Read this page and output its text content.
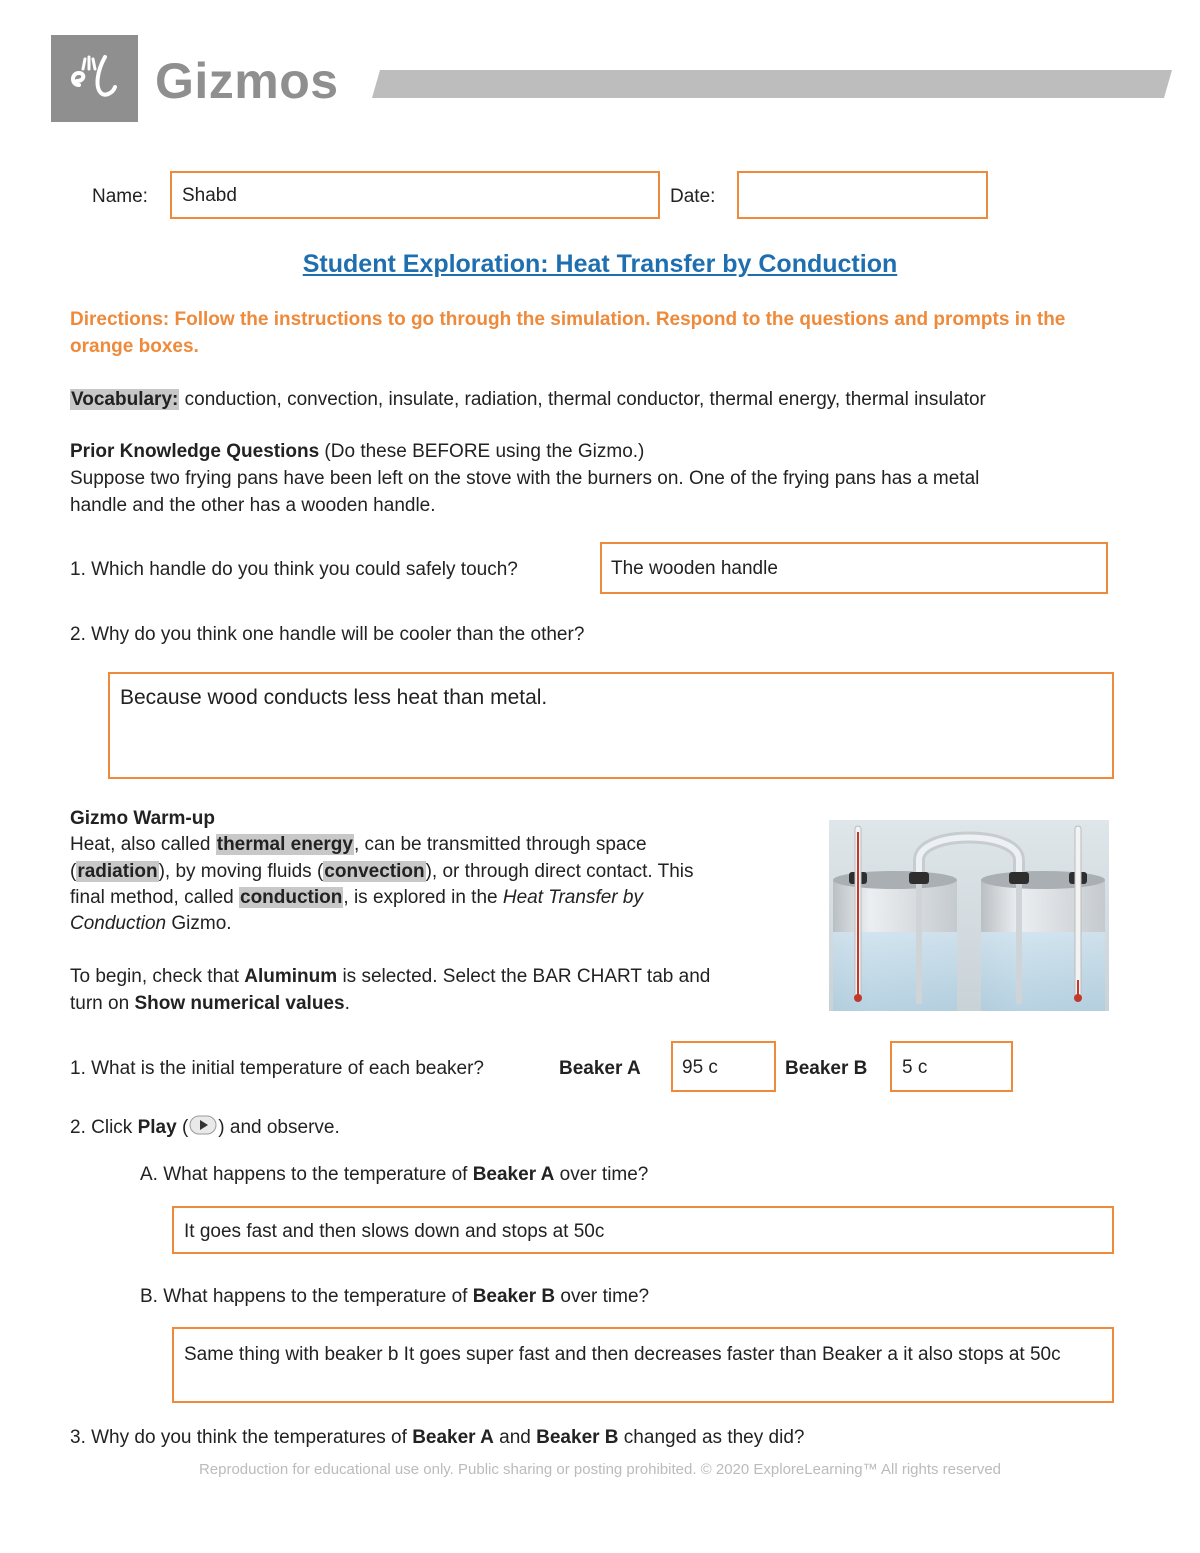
Gizmos
Name: Shabd	Date:
Student Exploration: Heat Transfer by Conduction
Directions: Follow the instructions to go through the simulation. Respond to the questions and prompts in the orange boxes.
Vocabulary: conduction, convection, insulate, radiation, thermal conductor, thermal energy, thermal insulator
Prior Knowledge Questions (Do these BEFORE using the Gizmo.)
Suppose two frying pans have been left on the stove with the burners on. One of the frying pans has a metal
handle and the other has a wooden handle.
1. Which handle do you think you could safely touch?	The wooden handle
2. Why do you think one handle will be cooler than the other?
Because wood conducts less heat than metal.
Gizmo Warm-up
Heat, also called thermal energy, can be transmitted through space
(radiation), by moving fluids (convection), or through direct contact. This
final method, called conduction, is explored in the Heat Transfer by
Conduction Gizmo.
To begin, check that Aluminum is selected. Select the BAR CHART tab and
turn on Show numerical values.
1. What is the initial temperature of each beaker?	Beaker A 95 c	Beaker B 5 c
2. Click Play ( ) and observe.
A. What happens to the temperature of Beaker A over time?
It goes fast and then slows down and stops at 50c
B. What happens to the temperature of Beaker B over time?
Same thing with beaker b It goes super fast and then decreases faster than Beaker a it also stops at 50c
3. Why do you think the temperatures of Beaker A and Beaker B changed as they did?
Reproduction for educational use only. Public sharing or posting prohibited. © 2020 ExploreLearning™ All rights reserved
